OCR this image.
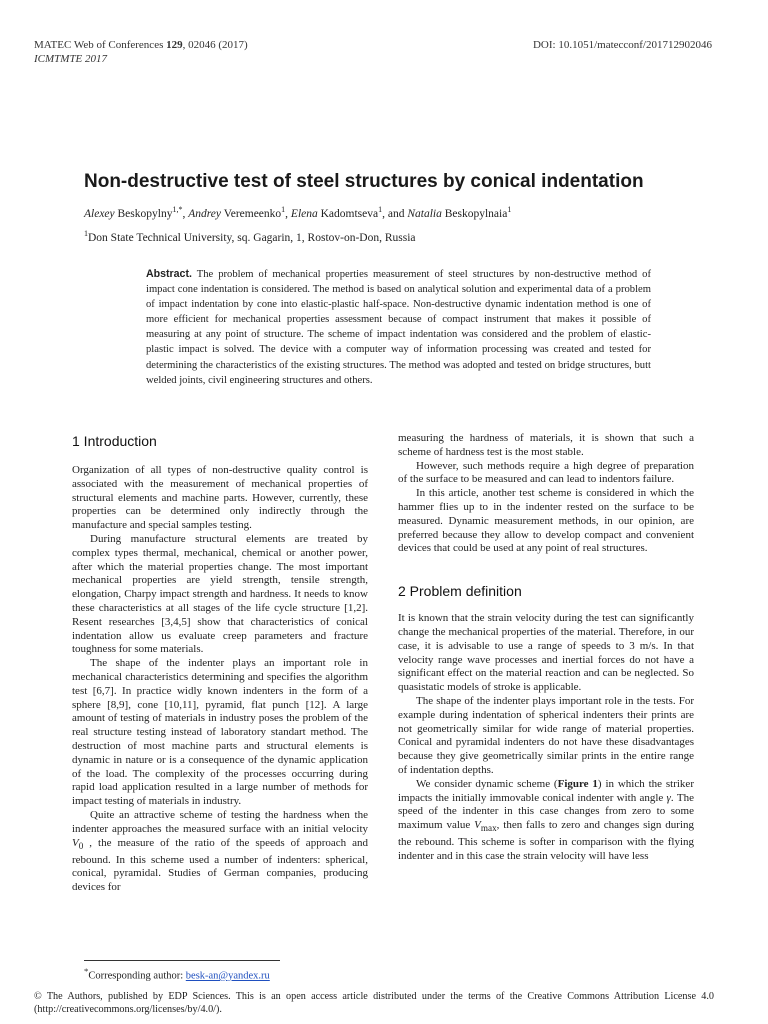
MATEC Web of Conferences 129, 02046 (2017)
ICMTMTE 2017
DOI: 10.1051/matecconf/201712902046
Non-destructive test of steel structures by conical indentation
Alexey Beskopylny$^{1,*}$, Andrey Veremeenko$^1$, Elena Kadomtseva$^1$, and Natalia Beskopylnaia$^1$
$^1$Don State Technical University, sq. Gagarin, 1, Rostov-on-Don, Russia
Abstract. The problem of mechanical properties measurement of steel structures by non-destructive method of impact cone indentation is considered. The method is based on analytical solution and experimental data of a problem of impact indentation by cone into elastic-plastic half-space. Non-destructive dynamic indentation method is one of more efficient for mechanical properties assessment because of compact instrument that makes it possible of measuring at any point of structure. The scheme of impact indentation was considered and the problem of elastic-plastic impact is solved. The device with a computer way of information processing was created and tested for determining the characteristics of the existing structures. The method was adopted and tested on bridge structures, butt welded joints, civil engineering structures and others.
1 Introduction

Organization of all types of non-destructive quality control is associated with the measurement of mechanical properties of structural elements and machine parts. However, currently, these properties can be determined only indirectly through the manufacture and special samples testing.

During manufacture structural elements are treated by complex types thermal, mechanical, chemical or another power, after which the material properties change. The most important mechanical properties are yield strength, tensile strength, elongation, Charpy impact strength and hardness. It needs to know these characteristics at all stages of the life cycle structure [1,2]. Resent researches [3,4,5] show that characteristics of conical indentation allow us evaluate creep parameters and fracture toughness for some materials.

The shape of the indenter plays an important role in mechanical characteristics determining and specifies the algorithm test [6,7]. In practice widly known indenters in the form of a sphere [8,9], cone [10,11], pyramid, flat punch [12]. A large amount of testing of materials in industry poses the problem of the real structure testing instead of laboratory standart method. The destruction of most machine parts and structural elements is dynamic in nature or is a consequence of the dynamic application of the load. The complexity of the processes occurring during rapid load application resulted in a large number of methods for impact testing of materials in industry.

Quite an attractive scheme of testing the hardness when the indenter approaches the measured surface with an initial velocity $V_0$ , the measure of the ratio of the speeds of approach and rebound. In this scheme used a number of indenters: spherical, conical, pyramidal. Studies of German companies, producing devices for

measuring the hardness of materials, it is shown that such a scheme of hardness test is the most stable.

However, such methods require a high degree of preparation of the surface to be measured and can lead to indentors failure.

In this article, another test scheme is considered in which the hammer flies up to in the indenter rested on the surface to be measured. Dynamic measurement methods, in our opinion, are preferred because they allow to develop compact and convenient devices that could be used at any point of real structures.

2 Problem definition

It is known that the strain velocity during the test can significantly change the mechanical properties of the material. Therefore, in our case, it is advisable to use a range of speeds to 3 m/s. In that velocity range wave processes and inertial forces do not have a significant effect on the material reaction and can be neglected. So quasistatic models of stroke is applicable.

The shape of the indenter plays important role in the tests. For example during indentation of spherical indenters their prints are not geometrically similar for wide range of material properties. Conical and pyramidal indenters do not have these disadvantages because they give geometrically similar prints in the entire range of indentation depths.

We consider dynamic scheme (Figure 1) in which the striker impacts the initially immovable conical indenter with angle γ. The speed of the indenter in this case changes from zero to some maximum value $V_{max}$, then falls to zero and changes sign during the rebound. This scheme is softer in comparison with the flying indenter and in this case the strain velocity will have less

*Corresponding author: besk-an@yandex.ru
© The Authors, published by EDP Sciences. This is an open access article distributed under the terms of the Creative Commons Attribution License 4.0 (http://creativecommons.org/licenses/by/4.0/).
